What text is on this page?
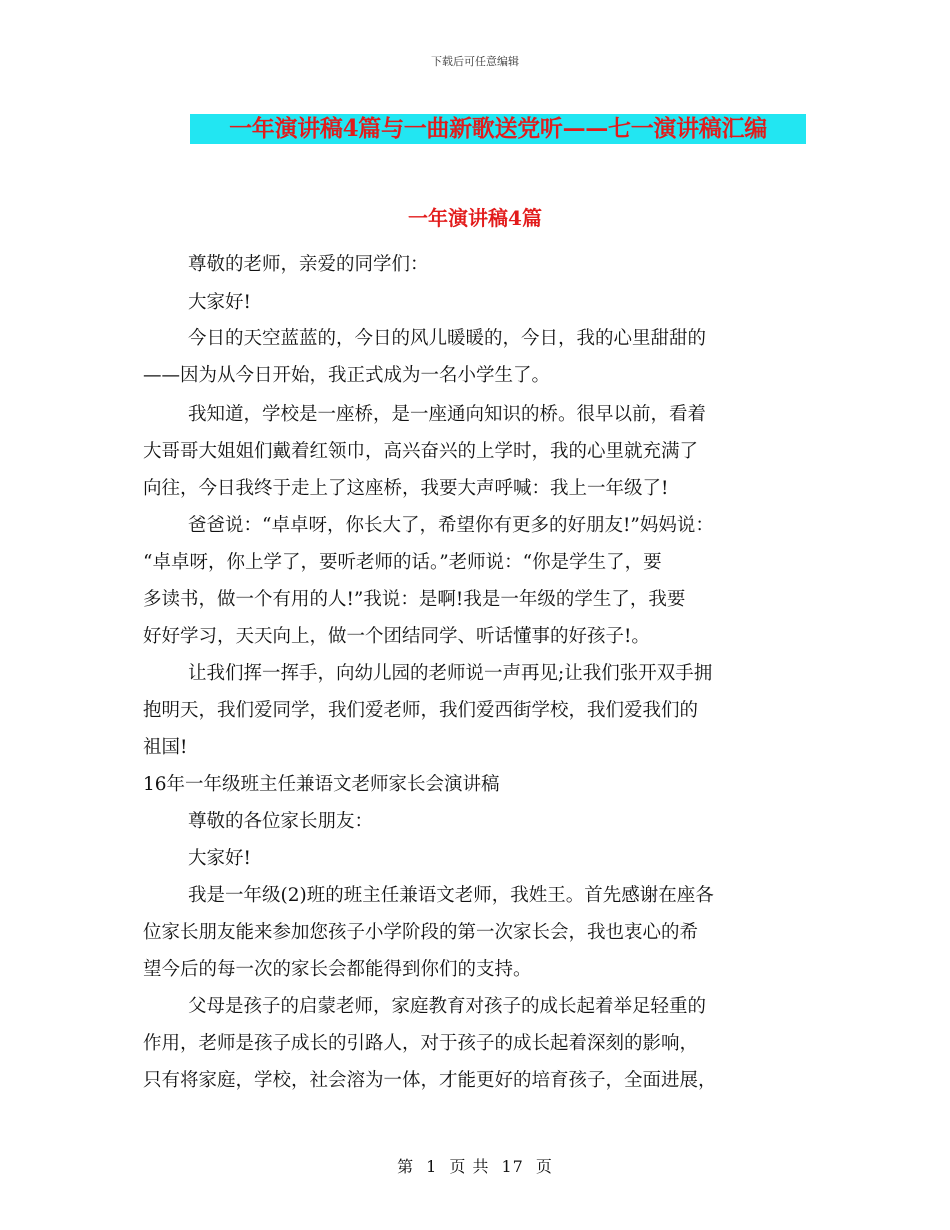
下载后可任意编辑
一年演讲稿4篇与一曲新歌送党听——七一演讲稿汇编
一年演讲稿4篇
尊敬的老师，亲爱的同学们：
大家好!
今日的天空蓝蓝的，今日的风儿暖暖的，今日，我的心里甜甜的
——因为从今日开始，我正式成为一名小学生了。
我知道，学校是一座桥，是一座通向知识的桥。很早以前，看着
大哥哥大姐姐们戴着红领巾，高兴奋兴的上学时，我的心里就充满了
向往，今日我终于走上了这座桥，我要大声呼喊：我上一年级了!
爸爸说：“卓卓呀，你长大了，希望你有更多的好朋友!”妈妈说：
“卓卓呀，你上学了，要听老师的话。”老师说：“你是学生了，要
多读书，做一个有用的人!”我说：是啊!我是一年级的学生了，我要
好好学习，天天向上，做一个团结同学、听话懂事的好孩子!。
让我们挥一挥手，向幼儿园的老师说一声再见;让我们张开双手拥
抱明天，我们爱同学，我们爱老师，我们爱西街学校，我们爱我们的
祖国!
16年一年级班主任兼语文老师家长会演讲稿
尊敬的各位家长朋友：
大家好!
我是一年级(2)班的班主任兼语文老师，我姓王。首先感谢在座各
位家长朋友能来参加您孩子小学阶段的第一次家长会，我也衷心的希
望今后的每一次的家长会都能得到你们的支持。
父母是孩子的启蒙老师，家庭教育对孩子的成长起着举足轻重的
作用，老师是孩子成长的引路人，对于孩子的成长起着深刻的影响，
只有将家庭，学校，社会溶为一体，才能更好的培育孩子，全面进展，
第 1 页 共 17 页
